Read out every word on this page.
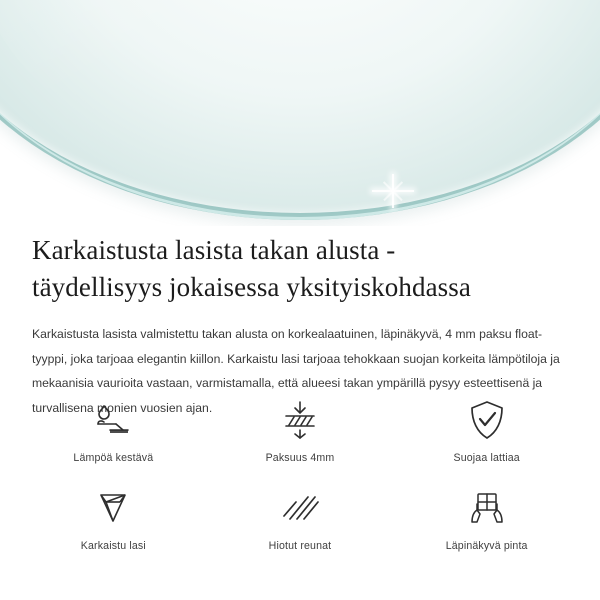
Karkaistusta lasista takan alusta -
täydellisyys jokaisessa yksityiskohdassa

Karkaistusta lasista valmistettu takan alusta on korkealaatuinen, läpinäkyvä, 4 mm paksu float-tyyppi, joka tarjoaa elegantin kiillon. Karkaistu lasi tarjoaa tehokkaan suojan korkeita lämpötiloja ja mekaanisia vaurioita vastaan, varmistamalla, että alueesi takan ympärillä pysyy esteettisenä ja turvallisena monien vuosien ajan.

Lämpöä kestävä	Paksuus 4mm	Suojaa lattiaa
Karkaistu lasi	Hiotut reunat	Läpinäkyvä pinta
